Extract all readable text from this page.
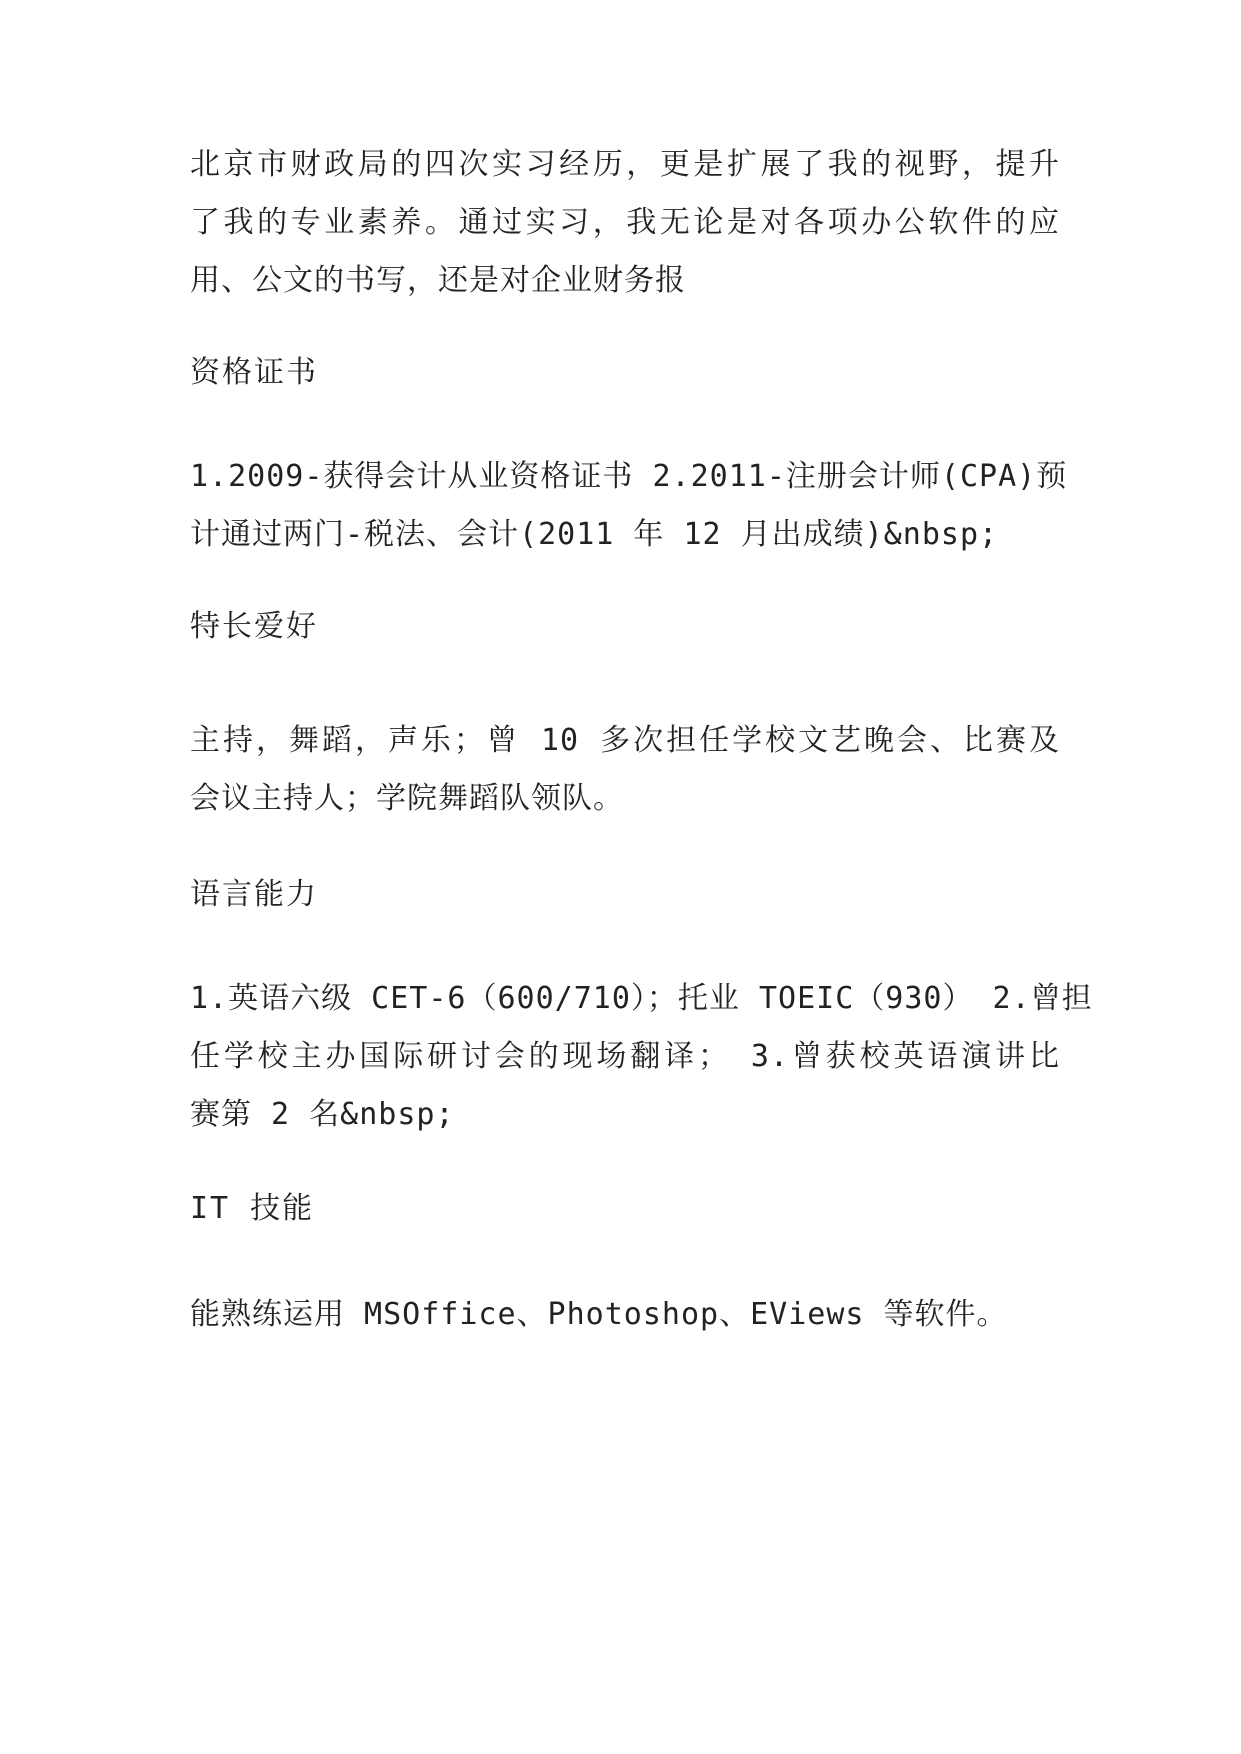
北京市财政局的四次实习经历，更是扩展了我的视野，提升
了我的专业素养。通过实习，我无论是对各项办公软件的应
用、公文的书写，还是对企业财务报
资格证书
1.2009-获得会计从业资格证书 2.2011-注册会计师(CPA)预
计通过两门-税法、会计(2011 年 12 月出成绩)&nbsp;
特长爱好
主持，舞蹈，声乐；曾 10 多次担任学校文艺晚会、比赛及
会议主持人；学院舞蹈队领队。
语言能力
1.英语六级 CET-6（600/710）；托业 TOEIC（930） 2.曾担
任学校主办国际研讨会的现场翻译； 3.曾获校英语演讲比
赛第 2 名&nbsp;
IT 技能
能熟练运用 MSOffice、Photoshop、EViews 等软件。
